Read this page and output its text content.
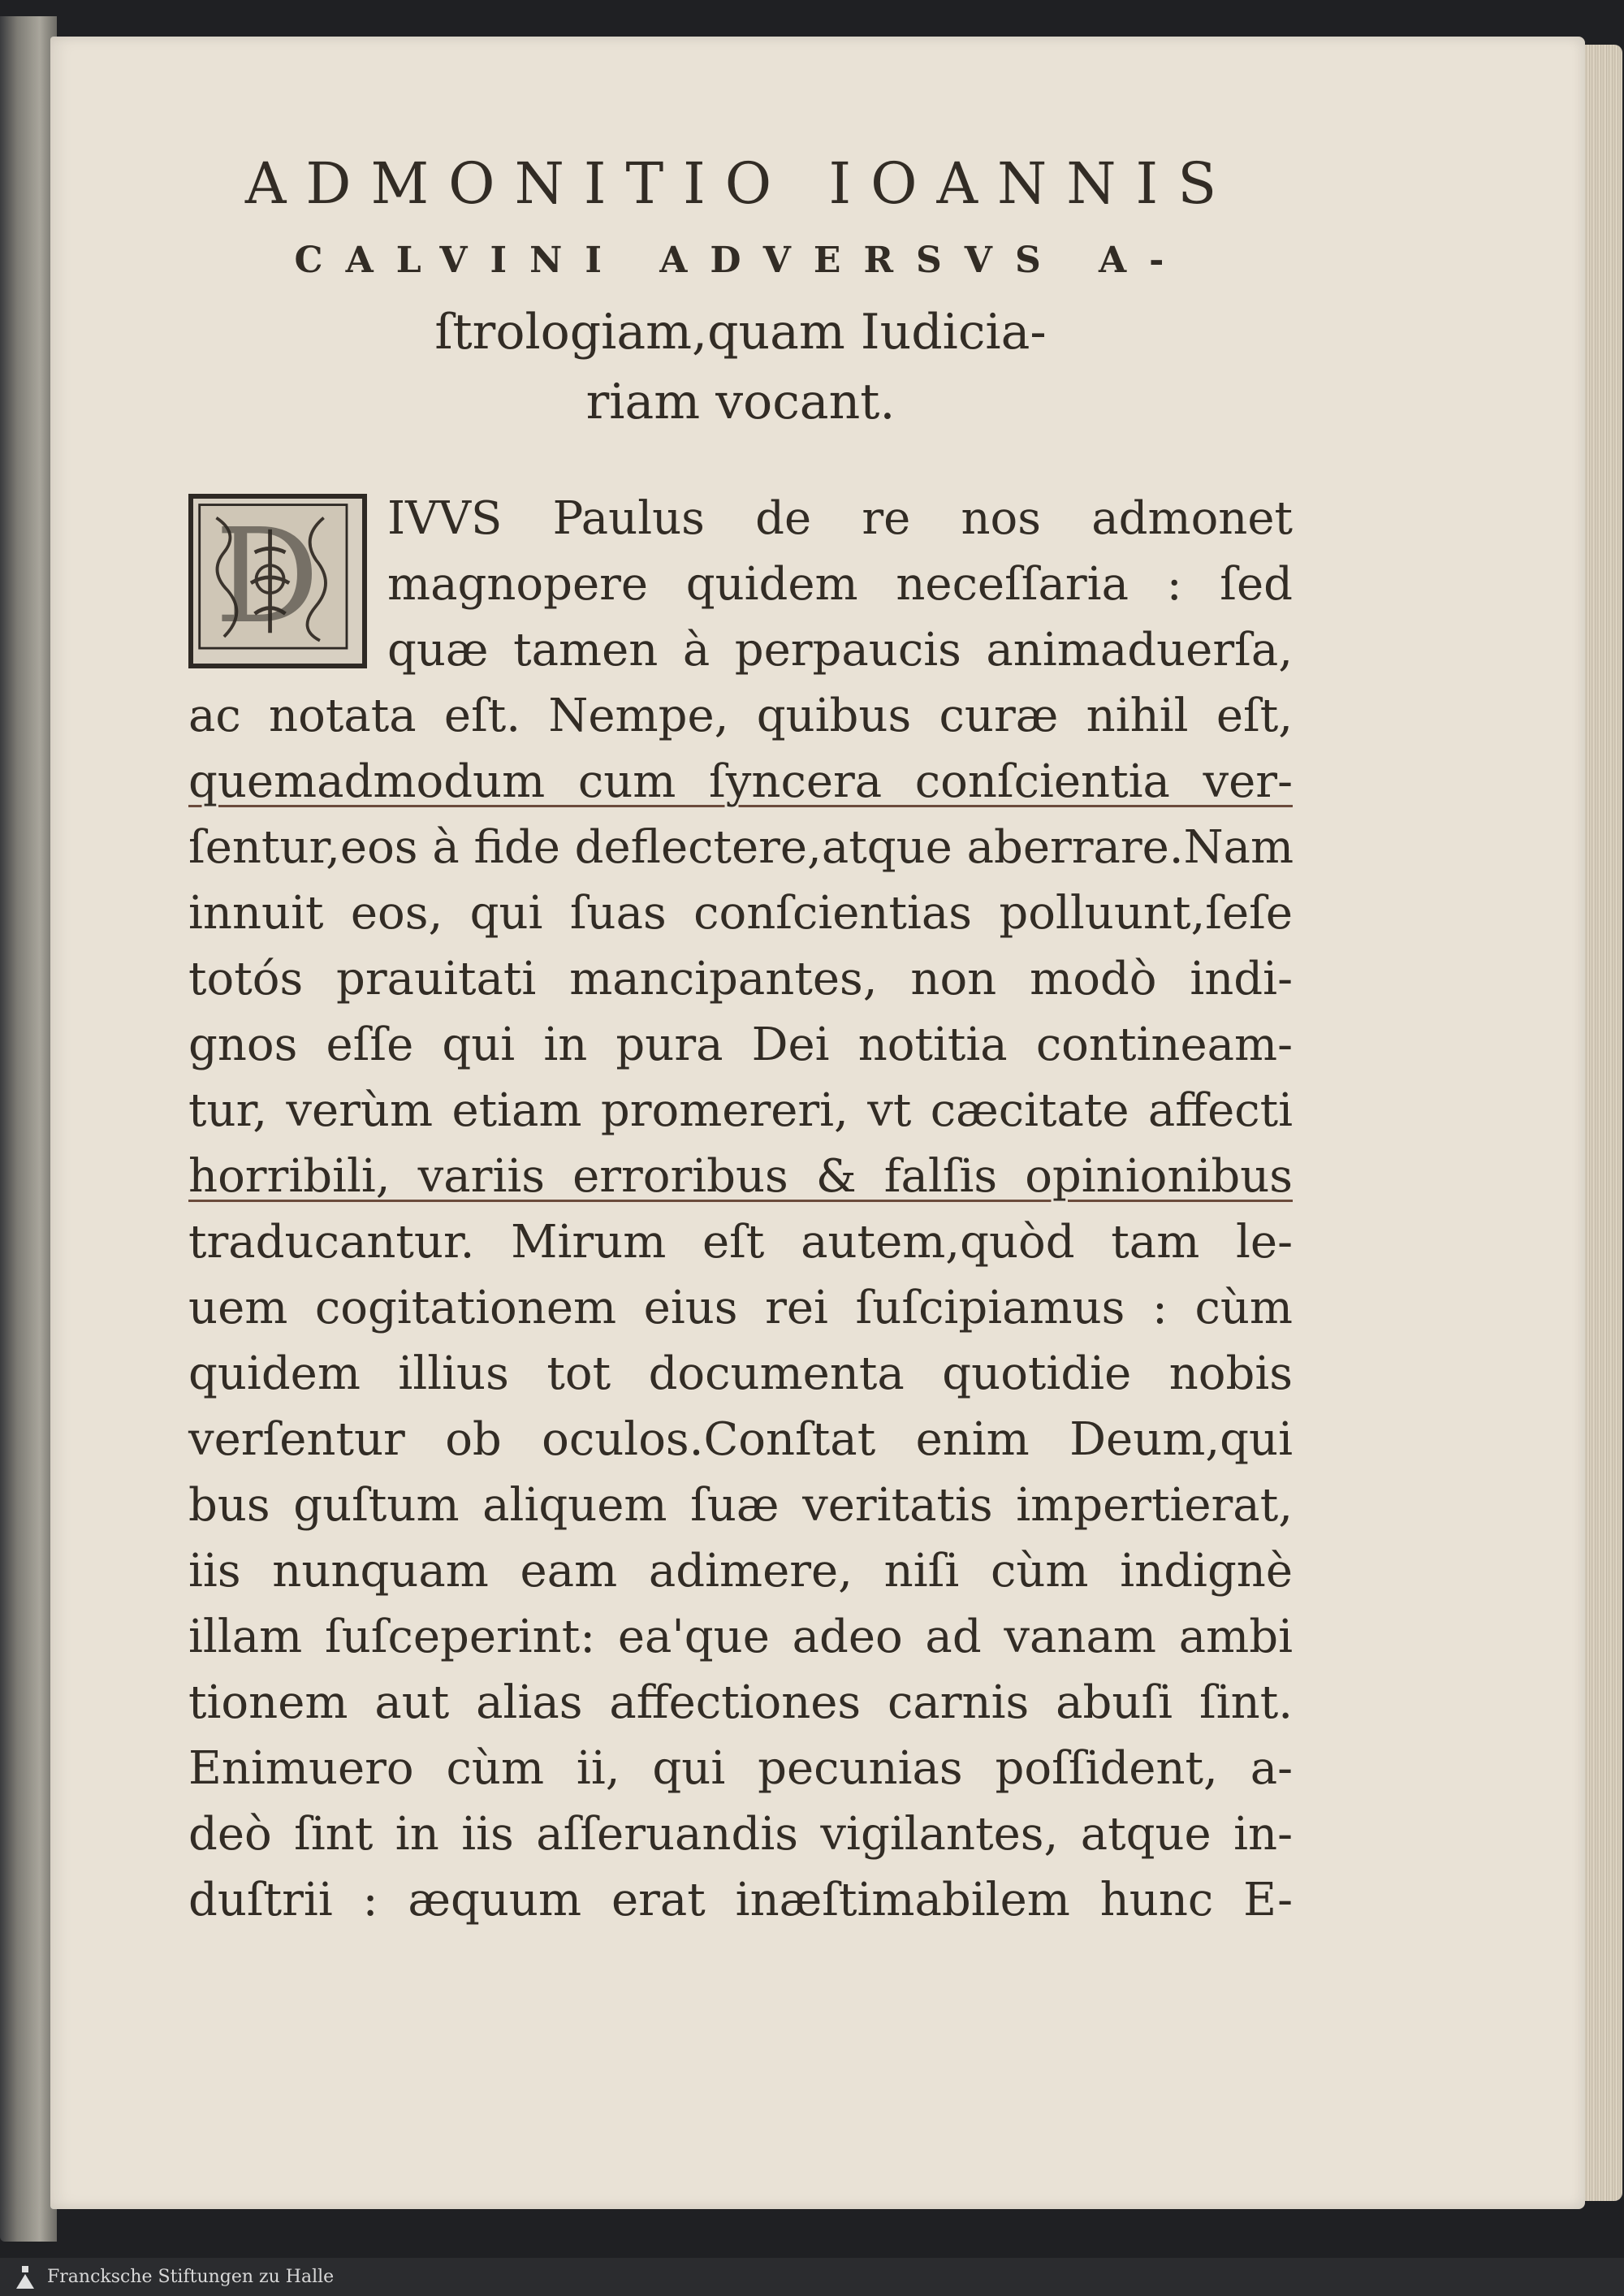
ADMONITIO IOANNIS
CALVINI ADVERSVS A-
ſtrologiam,quam Iudicia-
riam vocant.
D	IVVS Paulus de re nos admonet
magnopere quidem neceſſaria : ſed
quæ tamen à perpaucis animaduerſa,
ac notata eſt. Nempe, quibus curæ nihil eſt,
quemadmodum cum ſyncera conſcientia ver-
ſentur,eos à fide deflectere,atque aberrare.Nam
innuit eos, qui ſuas conſcientias polluunt,ſeſe
totós prauitati mancipantes, non modò indi-
gnos eſſe qui in pura Dei notitia contineam-
tur, verùm etiam promereri, vt cæcitate affecti
horribili, variis erroribus & falſis opinionibus
traducantur. Mirum eſt autem,quòd tam le-
uem cogitationem eius rei ſuſcipiamus : cùm
quidem illius tot documenta quotidie nobis
verſentur ob oculos.Conſtat enim Deum,qui
bus guſtum aliquem ſuæ veritatis impertierat,
iis nunquam eam adimere, niſi cùm indignè
illam ſuſceperint: ea'que adeo ad vanam ambi
tionem aut alias affectiones carnis abuſi ſint.
Enimuero cùm ii, qui pecunias poſſident, a-
deò ſint in iis aſſeruandis vigilantes, atque in-
duſtrii : æquum erat inæſtimabilem hunc E-
Francksche Stiftungen zu Halle
